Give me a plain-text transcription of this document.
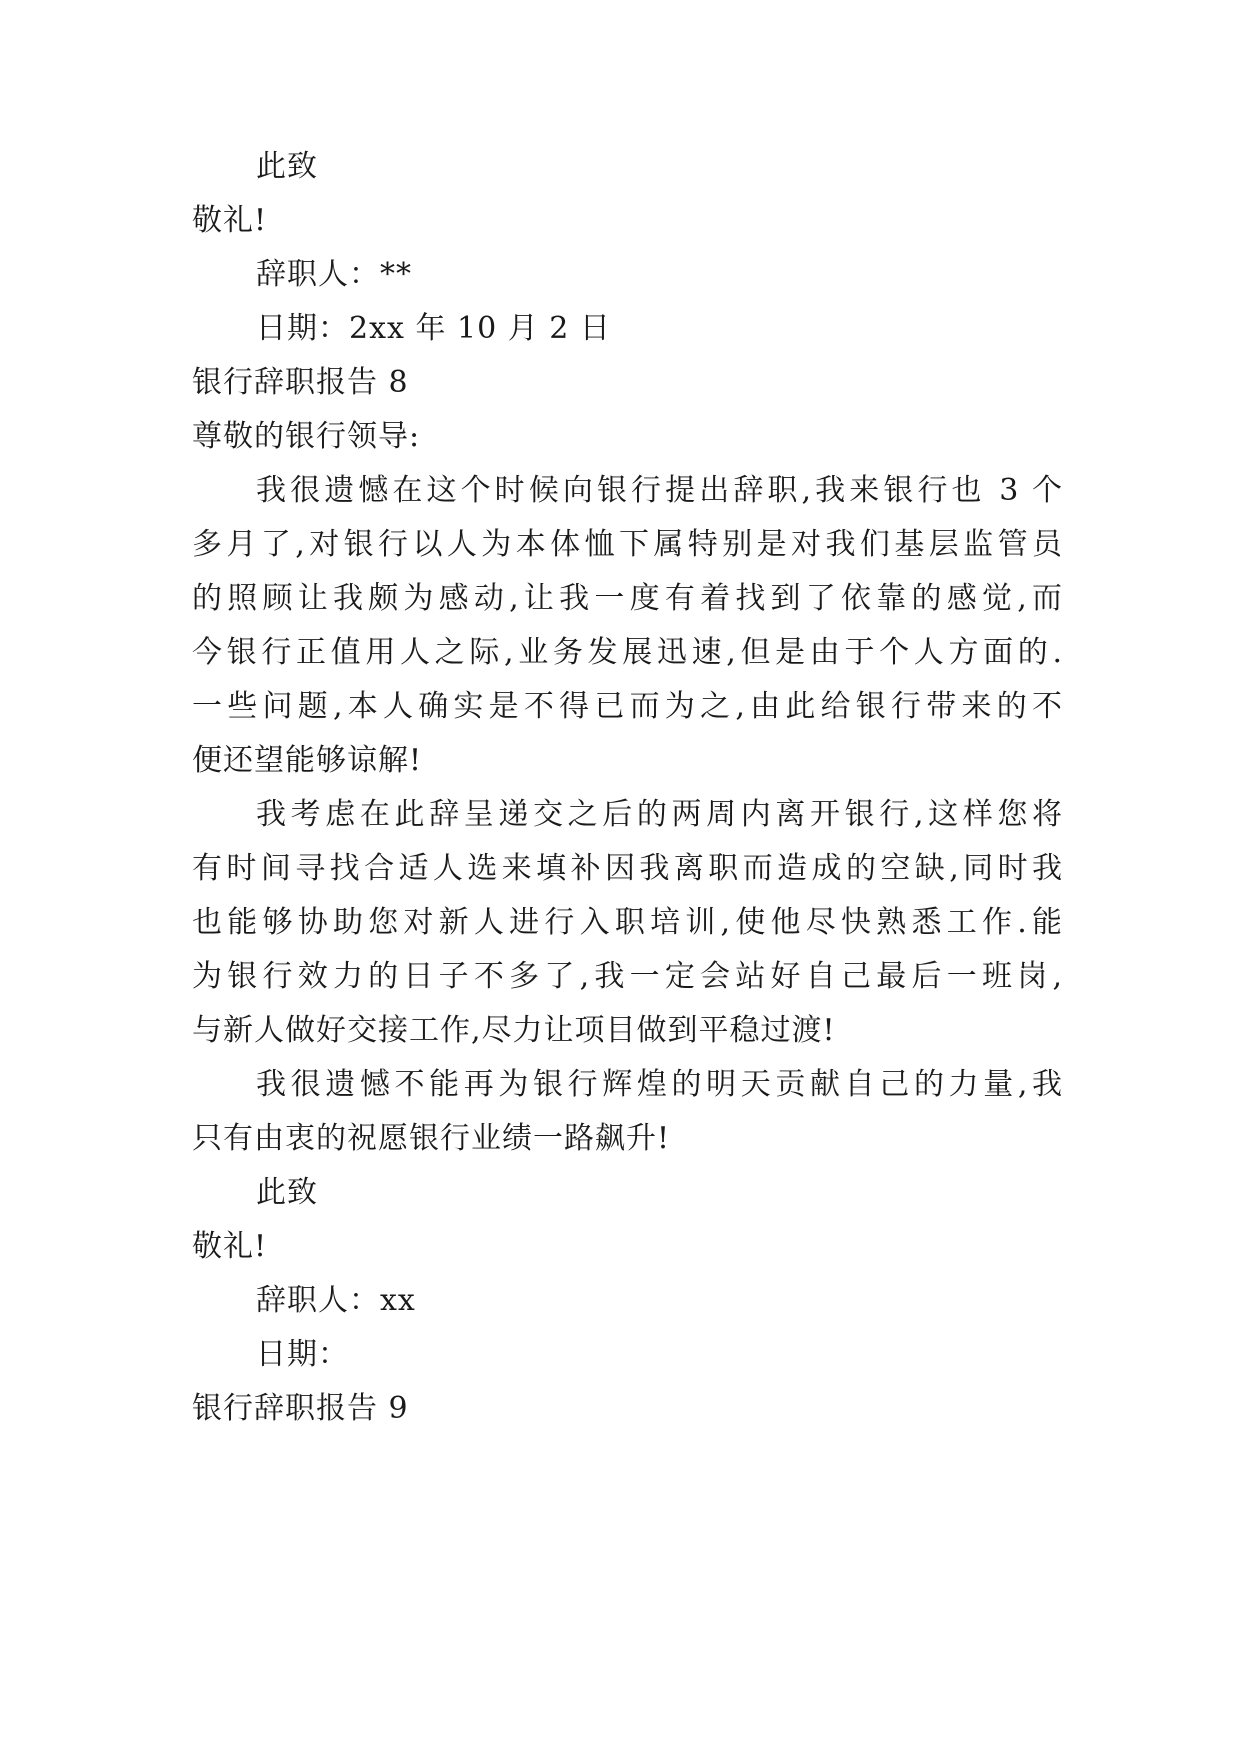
此致
敬礼!
辞职人：**
日期：2xx 年 10 月 2 日
银行辞职报告 8
尊敬的银行领导:
我很遗憾在这个时候向银行提出辞职,我来银行也 3 个
多月了,对银行以人为本体恤下属特别是对我们基层监管员
的照顾让我颇为感动,让我一度有着找到了依靠的感觉,而
今银行正值用人之际,业务发展迅速,但是由于个人方面的.
一些问题,本人确实是不得已而为之,由此给银行带来的不
便还望能够谅解!
我考虑在此辞呈递交之后的两周内离开银行,这样您将
有时间寻找合适人选来填补因我离职而造成的空缺,同时我
也能够协助您对新人进行入职培训,使他尽快熟悉工作.能
为银行效力的日子不多了,我一定会站好自己最后一班岗,
与新人做好交接工作,尽力让项目做到平稳过渡!
我很遗憾不能再为银行辉煌的明天贡献自己的力量,我
只有由衷的祝愿银行业绩一路飙升!
此致
敬礼!
辞职人：xx
日期：
银行辞职报告 9
